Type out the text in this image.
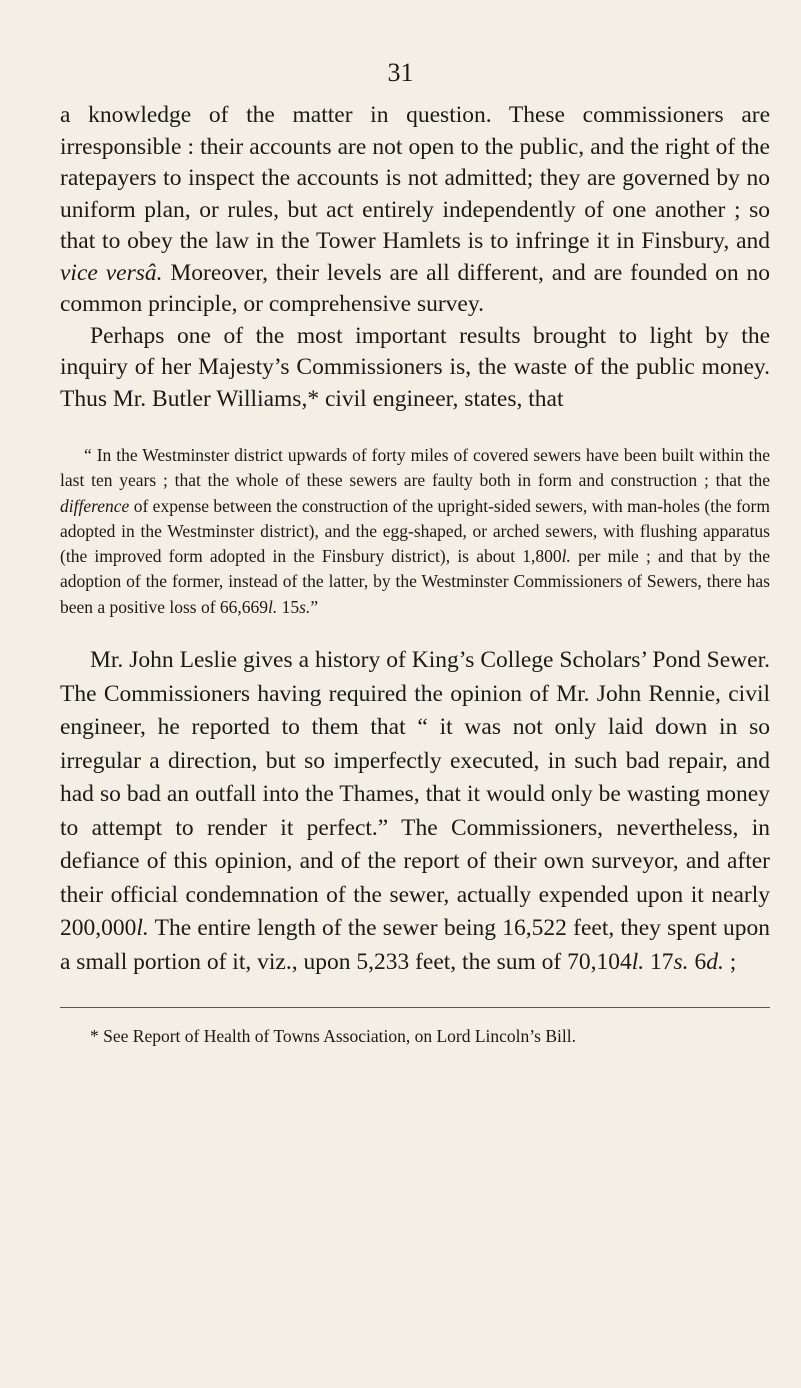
31

a knowledge of the matter in question. These commissioners are irresponsible : their accounts are not open to the public, and the right of the ratepayers to inspect the accounts is not admitted; they are governed by no uniform plan, or rules, but act entirely independently of one another ; so that to obey the law in the Tower Hamlets is to infringe it in Finsbury, and vice versâ. Moreover, their levels are all different, and are founded on no common principle, or comprehensive survey.

Perhaps one of the most important results brought to light by the inquiry of her Majesty’s Commissioners is, the waste of the public money. Thus Mr. Butler Williams,* civil engineer, states, that

“ In the Westminster district upwards of forty miles of covered sewers have been built within the last ten years ; that the whole of these sewers are faulty both in form and construction ; that the difference of expense between the construction of the upright-sided sewers, with man-holes (the form adopted in the Westminster district), and the egg-shaped, or arched sewers, with flushing apparatus (the improved form adopted in the Finsbury district), is about 1,800l. per mile ; and that by the adoption of the former, instead of the latter, by the Westminster Commissioners of Sewers, there has been a positive loss of 66,669l. 15s.”

Mr. John Leslie gives a history of King’s College Scholars’ Pond Sewer. The Commissioners having required the opinion of Mr. John Rennie, civil engineer, he reported to them that “ it was not only laid down in so irregular a direction, but so imperfectly executed, in such bad repair, and had so bad an outfall into the Thames, that it would only be wasting money to attempt to render it perfect.” The Commissioners, nevertheless, in defiance of this opinion, and of the report of their own surveyor, and after their official condemnation of the sewer, actually expended upon it nearly 200,000l. The entire length of the sewer being 16,522 feet, they spent upon a small portion of it, viz., upon 5,233 feet, the sum of 70,104l. 17s. 6d. ;

* See Report of Health of Towns Association, on Lord Lincoln’s Bill.
